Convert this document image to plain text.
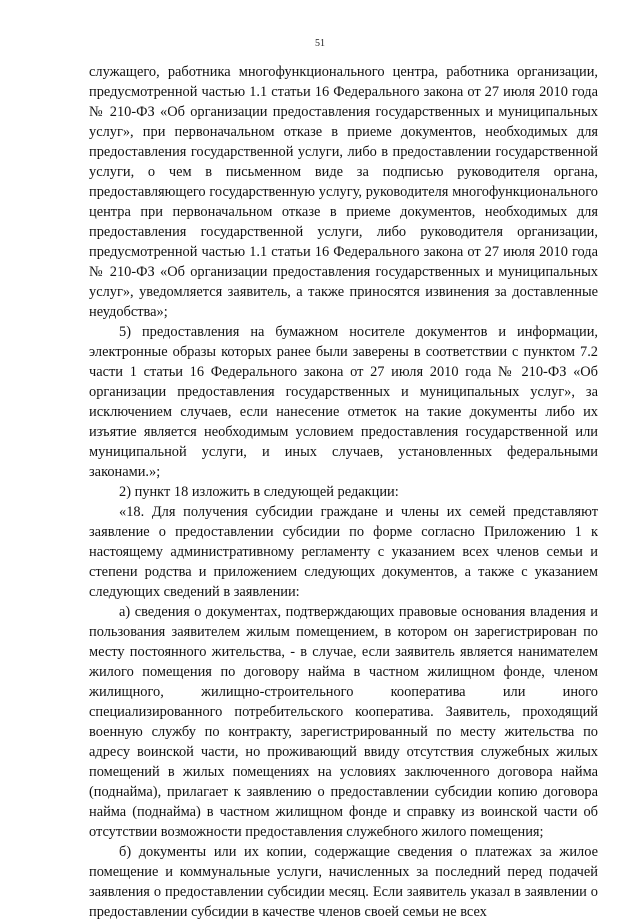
51

служащего, работника многофункционального центра, работника организации, предусмотренной частью 1.1 статьи 16 Федерального закона от 27 июля 2010 года № 210-ФЗ «Об организации предоставления государственных и муниципальных услуг», при первоначальном отказе в приеме документов, необходимых для предоставления государственной услуги, либо в предоставлении государственной услуги, о чем в письменном виде за подписью руководителя органа, предоставляющего государственную услугу, руководителя многофункционального центра при первоначальном отказе в приеме документов, необходимых для предоставления государственной услуги, либо руководителя организации, предусмотренной частью 1.1 статьи 16 Федерального закона от 27 июля 2010 года № 210-ФЗ «Об организации предоставления государственных и муниципальных услуг», уведомляется заявитель, а также приносятся извинения за доставленные неудобства»;

5) предоставления на бумажном носителе документов и информации, электронные образы которых ранее были заверены в соответствии с пунктом 7.2 части 1 статьи 16 Федерального закона от 27 июля 2010 года № 210-ФЗ «Об организации предоставления государственных и муниципальных услуг», за исключением случаев, если нанесение отметок на такие документы либо их изъятие является необходимым условием предоставления государственной или муниципальной услуги, и иных случаев, установленных федеральными законами.»;

2) пункт 18 изложить в следующей редакции:

«18. Для получения субсидии граждане и члены их семей представляют заявление о предоставлении субсидии по форме согласно Приложению 1 к настоящему административному регламенту с указанием всех членов семьи и степени родства и приложением следующих документов, а также с указанием следующих сведений в заявлении:

а) сведения о документах, подтверждающих правовые основания владения и пользования заявителем жилым помещением, в котором он зарегистрирован по месту постоянного жительства, - в случае, если заявитель является нанимателем жилого помещения по договору найма в частном жилищном фонде, членом жилищного, жилищно-строительного кооператива или иного специализированного потребительского кооператива. Заявитель, проходящий военную службу по контракту, зарегистрированный по месту жительства по адресу воинской части, но проживающий ввиду отсутствия служебных жилых помещений в жилых помещениях на условиях заключенного договора найма (поднайма), прилагает к заявлению о предоставлении субсидии копию договора найма (поднайма) в частном жилищном фонде и справку из воинской части об отсутствии возможности предоставления служебного жилого помещения;

б) документы или их копии, содержащие сведения о платежах за жилое помещение и коммунальные услуги, начисленных за последний перед подачей заявления о предоставлении субсидии месяц. Если заявитель указал в заявлении о предоставлении субсидии в качестве членов своей семьи не всех
